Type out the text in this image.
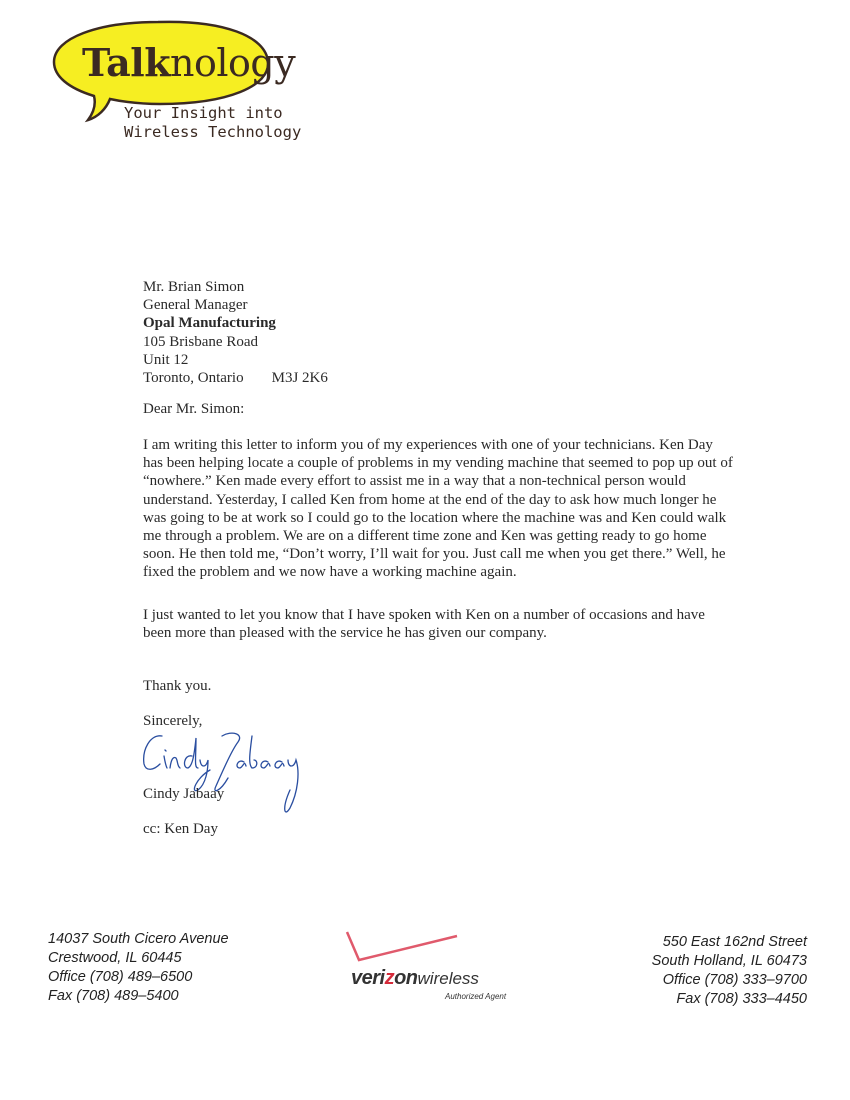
Talknology
Your Insight into
Wireless Technology
Mr. Brian Simon
General Manager
Opal Manufacturing
105 Brisbane Road
Unit 12
Toronto, Ontario M3J 2K6
Dear Mr. Simon:
I am writing this letter to inform you of my experiences with one of your technicians. Ken Day has been helping locate a couple of problems in my vending machine that seemed to pop up out of “nowhere.” Ken made every effort to assist me in a way that a non-technical person would understand. Yesterday, I called Ken from home at the end of the day to ask how much longer he was going to be at work so I could go to the location where the machine was and Ken could walk me through a problem. We are on a different time zone and Ken was getting ready to go home soon. He then told me, “Don’t worry, I’ll wait for you. Just call me when you get there.” Well, he fixed the problem and we now have a working machine again.
I just wanted to let you know that I have spoken with Ken on a number of occasions and have been more than pleased with the service he has given our company.
Thank you.
Sincerely,
Cindy Jabaay
cc: Ken Day
14037 South Cicero Avenue
Crestwood, IL 60445
Office (708) 489–6500
Fax (708) 489–5400
verizonwireless
Authorized Agent
550 East 162nd Street
South Holland, IL 60473
Office (708) 333–9700
Fax (708) 333–4450
